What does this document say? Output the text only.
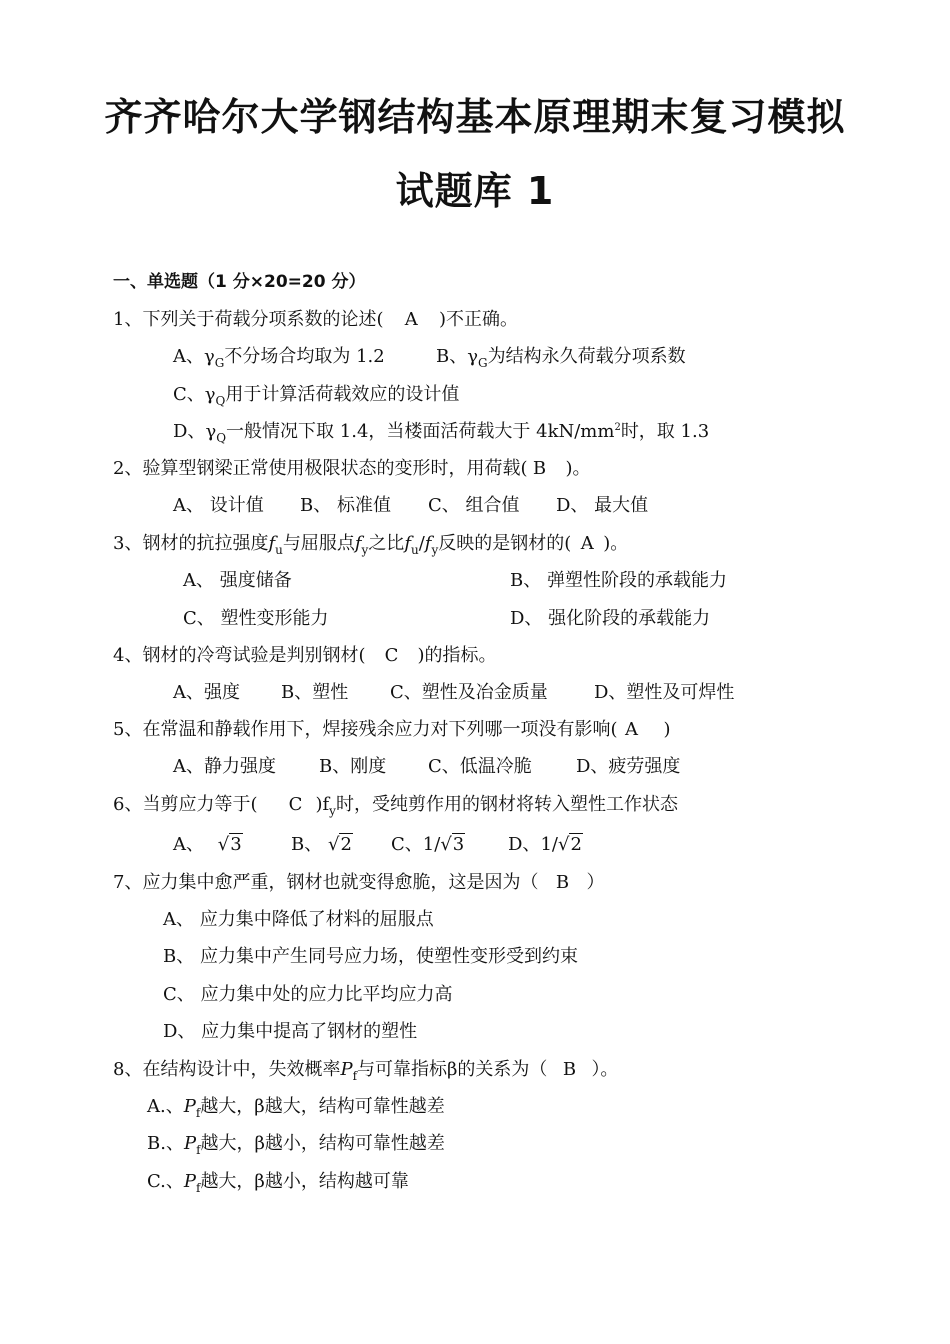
齐齐哈尔大学钢结构基本原理期末复习模拟
试题库 1
一、单选题（1 分×20=20 分）
1、下列关于荷载分项系数的论述( A )不正确。
A、$\gamma_G$不分场合均取为 1.2	B、$\gamma_G$为结构永久荷载分项系数
C、$\gamma_Q$用于计算活荷载效应的设计值
D、$\gamma_Q$一般情况下取 1.4，当楼面活荷载大于 $4kN/mm^2$时，取 1.3
2、验算型钢梁正常使用极限状态的变形时，用荷载( B )。
A、 设计值 B、 标准值 C、 组合值 D、 最大值
3、钢材的抗拉强度$f_u$与屈服点$f_y$之比$f_u/f_y$反映的是钢材的( A )。
A、 强度储备	B、 弹塑性阶段的承载能力
C、 塑性变形能力	D、 强化阶段的承载能力
4、钢材的冷弯试验是判别钢材( C )的指标。
A、强度 B、塑性 C、塑性及冶金质量	D、塑性及可焊性
5、在常温和静载作用下，焊接残余应力对下列哪一项没有影响( A )
A、静力强度 B、刚度 C、低温冷脆 D、疲劳强度
6、当剪应力等于( C )$f_y$时，受纯剪作用的钢材将转入塑性工作状态
A、 √3	B、 √2 C、1/√3 D、1/√2
7、应力集中愈严重，钢材也就变得愈脆，这是因为（ B ）
A、 应力集中降低了材料的屈服点
B、 应力集中产生同号应力场，使塑性变形受到约束
C、 应力集中处的应力比平均应力高
D、 应力集中提高了钢材的塑性
8、在结构设计中，失效概率$P_f$与可靠指标β的关系为（ B ）。
A.、$P_f$越大，β越大，结构可靠性越差
B.、$P_f$越大，β越小，结构可靠性越差
C.、$P_f$越大，β越小，结构越可靠
